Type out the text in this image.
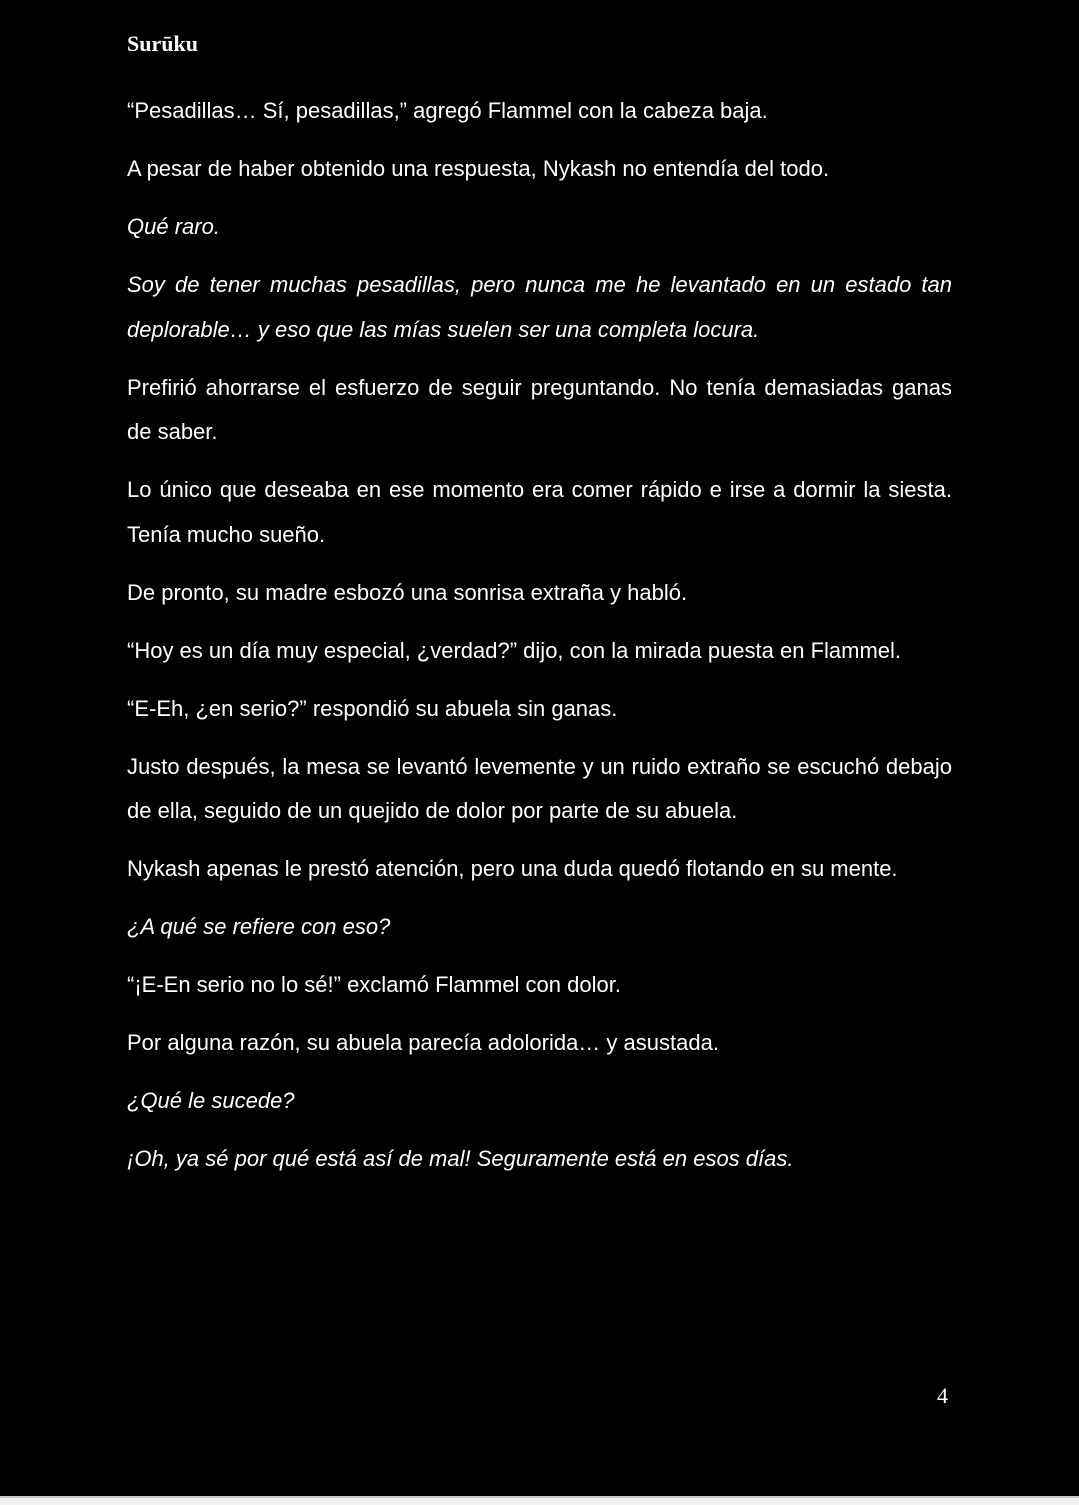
Surūku

“Pesadillas… Sí, pesadillas,” agregó Flammel con la cabeza baja.

A pesar de haber obtenido una respuesta, Nykash no entendía del todo.

Qué raro.

Soy de tener muchas pesadillas, pero nunca me he levantado en un estado tan deplorable… y eso que las mías suelen ser una completa locura.

Prefirió ahorrarse el esfuerzo de seguir preguntando. No tenía demasiadas ganas de saber.

Lo único que deseaba en ese momento era comer rápido e irse a dormir la siesta. Tenía mucho sueño.

De pronto, su madre esbozó una sonrisa extraña y habló.

“Hoy es un día muy especial, ¿verdad?” dijo, con la mirada puesta en Flammel.

“E-Eh, ¿en serio?” respondió su abuela sin ganas.

Justo después, la mesa se levantó levemente y un ruido extraño se escuchó debajo de ella, seguido de un quejido de dolor por parte de su abuela.

Nykash apenas le prestó atención, pero una duda quedó flotando en su mente.

¿A qué se refiere con eso?

“¡E-En serio no lo sé!” exclamó Flammel con dolor.

Por alguna razón, su abuela parecía adolorida… y asustada.

¿Qué le sucede?

¡Oh, ya sé por qué está así de mal! Seguramente está en esos días.

4
